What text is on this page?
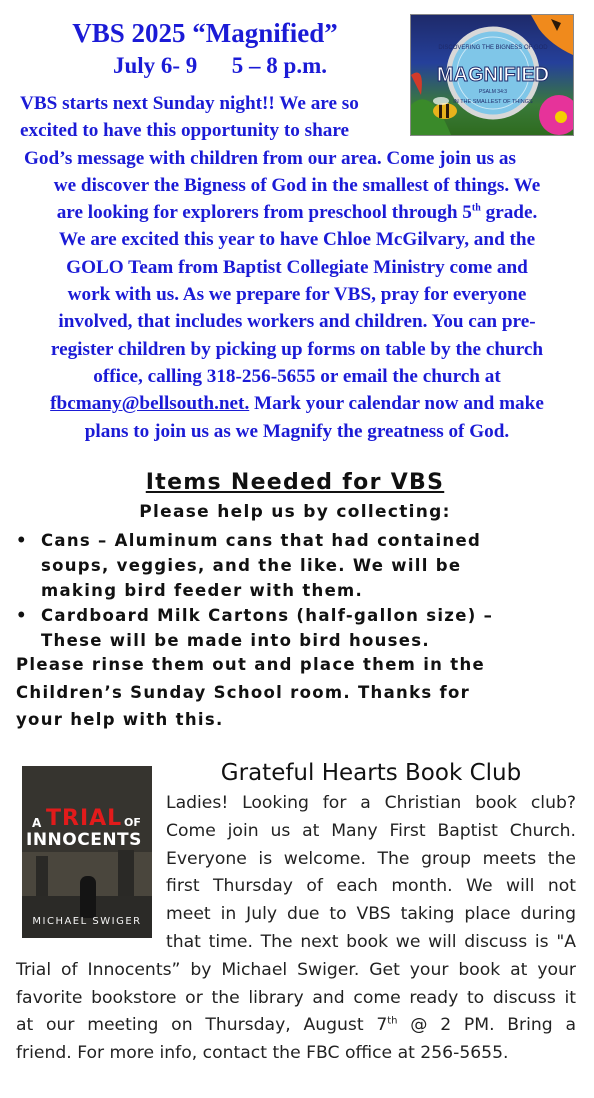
VBS 2025 “Magnified”
July 6- 9      5 – 8 p.m.	MAGNIFIED
DISCOVERING THE BIGNESS OF GOD
PSALM 34:3
IN THE SMALLEST OF THINGS
VBS starts next Sunday night!! We are so
excited to have this opportunity to share
God’s message with children from our area. Come join us as
we discover the Bigness of God in the smallest of things. We
are looking for explorers from preschool through 5th grade.
We are excited this year to have Chloe McGilvary, and the
GOLO Team from Baptist Collegiate Ministry come and
work with us. As we prepare for VBS, pray for everyone
involved, that includes workers and children. You can pre-
register children by picking up forms on table by the church
office, calling 318-256-5655 or email the church at
fbcmany@bellsouth.net. Mark your calendar now and make
plans to join us as we Magnify the greatness of God.
Items Needed for VBS
Please help us by collecting:
• Cans – Aluminum cans that had contained
soups, veggies, and the like. We will be
making bird feeder with them.
• Cardboard Milk Cartons (half-gallon size) –
These will be made into bird houses.
Please rinse them out and place them in the
Children’s Sunday School room. Thanks for
your help with this.
TRIAL
A	OF
INNOCENTS
MICHAEL SWIGER
Grateful Hearts Book Club
Ladies! Looking for a Christian book club?
Come join us at Many First Baptist Church.
Everyone is welcome. The group meets the
first Thursday of each month. We will not
meet in July due to VBS taking place during
that time. The next book we will discuss is "A
Trial of Innocents” by Michael Swiger. Get your book at your
favorite bookstore or the library and come ready to discuss it
at our meeting on Thursday, August 7th @ 2 PM. Bring a
friend. For more info, contact the FBC office at 256-5655.
